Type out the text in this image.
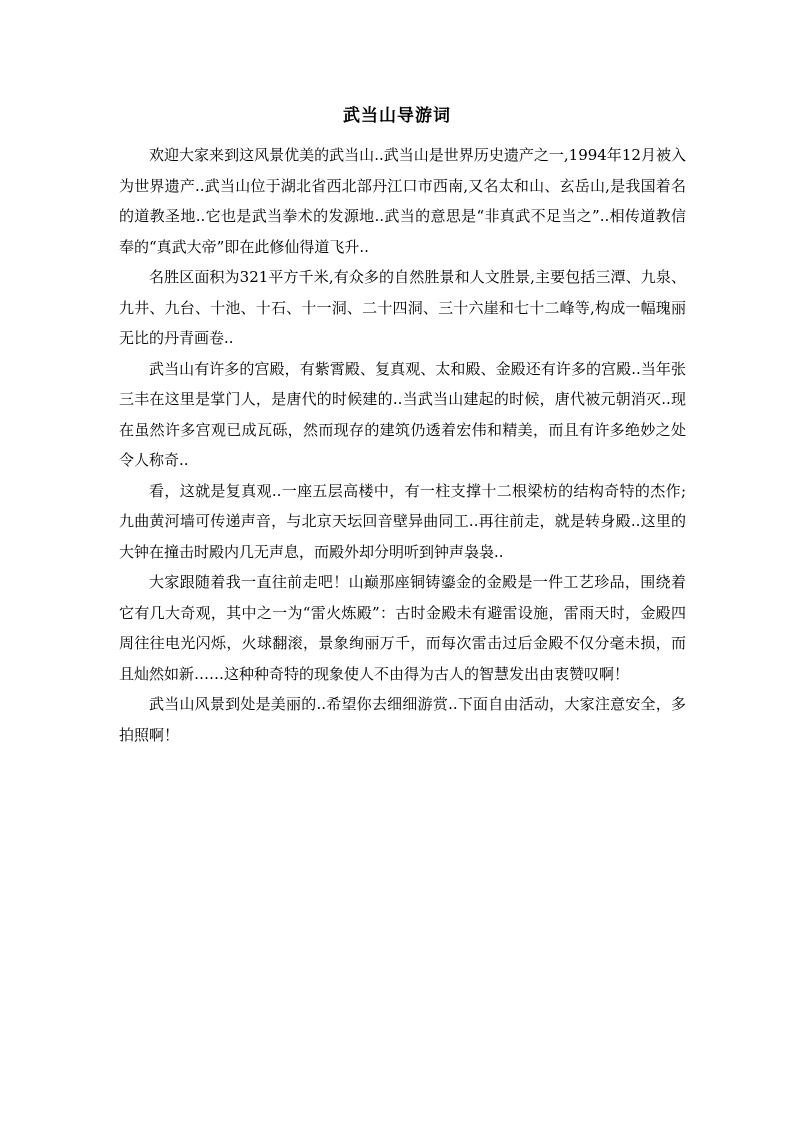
武当山导游词

欢迎大家来到这风景优美的武当山..武当山是世界历史遗产之一,1994年12月被入为世界遗产..武当山位于湖北省西北部丹江口市西南,又名太和山、玄岳山,是我国着名的道教圣地..它也是武当拳术的发源地..武当的意思是“非真武不足当之”..相传道教信奉的“真武大帝”即在此修仙得道飞升..

名胜区面积为321平方千米,有众多的自然胜景和人文胜景,主要包括三潭、九泉、九井、九台、十池、十石、十一洞、二十四洞、三十六崖和七十二峰等,构成一幅瑰丽无比的丹青画卷..

武当山有许多的宫殿，有紫霄殿、复真观、太和殿、金殿还有许多的宫殿..当年张三丰在这里是掌门人，是唐代的时候建的..当武当山建起的时候，唐代被元朝消灭..现在虽然许多宫观已成瓦砾，然而现存的建筑仍透着宏伟和精美，而且有许多绝妙之处令人称奇..

看，这就是复真观..一座五层高楼中，有一柱支撑十二根梁枋的结构奇特的杰作;九曲黄河墙可传递声音，与北京天坛回音壁异曲同工..再往前走，就是转身殿..这里的大钟在撞击时殿内几无声息，而殿外却分明听到钟声袅袅..

大家跟随着我一直往前走吧！山巅那座铜铸鎏金的金殿是一件工艺珍品，围绕着它有几大奇观，其中之一为“雷火炼殿”：古时金殿未有避雷设施，雷雨天时，金殿四周往往电光闪烁，火球翻滚，景象绚丽万千，而每次雷击过后金殿不仅分毫未损，而且灿然如新……这种种奇特的现象使人不由得为古人的智慧发出由衷赞叹啊！

武当山风景到处是美丽的..希望你去细细游赏..下面自由活动，大家注意安全，多拍照啊！
